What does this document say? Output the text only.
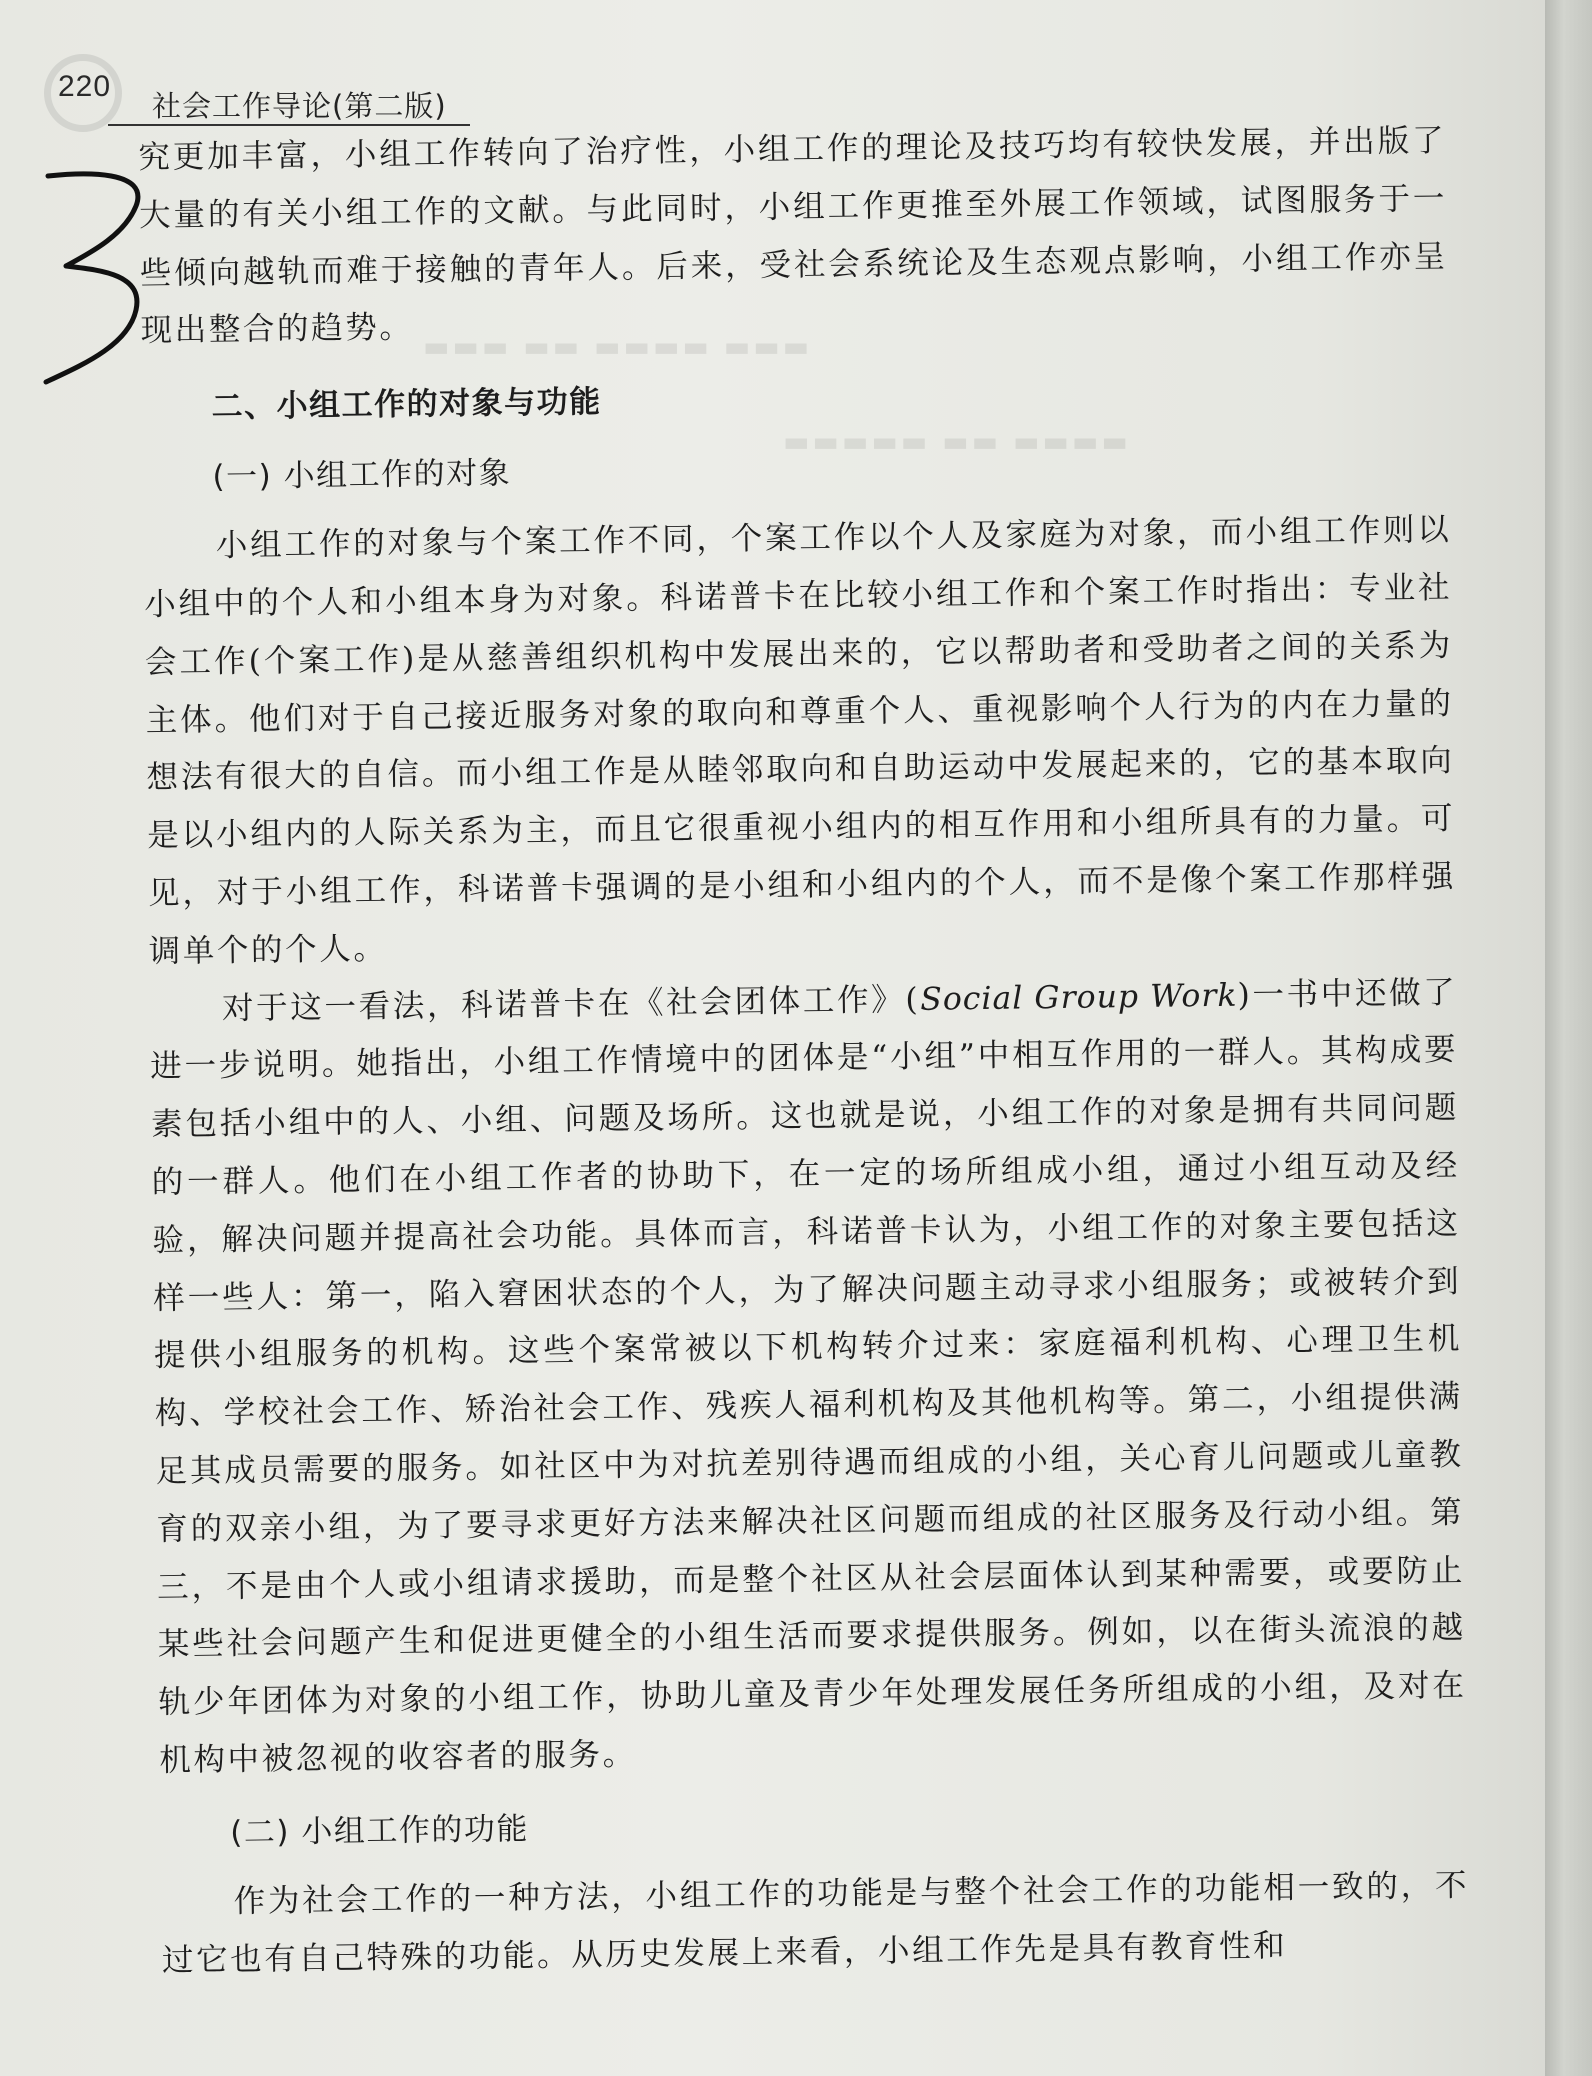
220
社会工作导论(第二版)
▬▬▬ ▬▬▬▬ ▬▬ ▬▬▬
▬▬▬▬ ▬▬ ▬▬▬▬▬

究更加丰富，小组工作转向了治疗性，小组工作的理论及技巧均有较快发展，并出版了大量的有关小组工作的文献。与此同时，小组工作更推至外展工作领域，试图服务于一些倾向越轨而难于接触的青年人。后来，受社会系统论及生态观点影响，小组工作亦呈现出整合的趋势。

二、小组工作的对象与功能

(一) 小组工作的对象

小组工作的对象与个案工作不同，个案工作以个人及家庭为对象，而小组工作则以小组中的个人和小组本身为对象。科诺普卡在比较小组工作和个案工作时指出：专业社会工作(个案工作)是从慈善组织机构中发展出来的，它以帮助者和受助者之间的关系为主体。他们对于自己接近服务对象的取向和尊重个人、重视影响个人行为的内在力量的想法有很大的自信。而小组工作是从睦邻取向和自助运动中发展起来的，它的基本取向是以小组内的人际关系为主，而且它很重视小组内的相互作用和小组所具有的力量。可见，对于小组工作，科诺普卡强调的是小组和小组内的个人，而不是像个案工作那样强调单个的个人。

对于这一看法，科诺普卡在《社会团体工作》(Social Group Work)一书中还做了进一步说明。她指出，小组工作情境中的团体是“小组”中相互作用的一群人。其构成要素包括小组中的人、小组、问题及场所。这也就是说，小组工作的对象是拥有共同问题的一群人。他们在小组工作者的协助下，在一定的场所组成小组，通过小组互动及经验，解决问题并提高社会功能。具体而言，科诺普卡认为，小组工作的对象主要包括这样一些人：第一，陷入窘困状态的个人，为了解决问题主动寻求小组服务；或被转介到提供小组服务的机构。这些个案常被以下机构转介过来：家庭福利机构、心理卫生机构、学校社会工作、矫治社会工作、残疾人福利机构及其他机构等。第二，小组提供满足其成员需要的服务。如社区中为对抗差别待遇而组成的小组，关心育儿问题或儿童教育的双亲小组，为了要寻求更好方法来解决社区问题而组成的社区服务及行动小组。第三，不是由个人或小组请求援助，而是整个社区从社会层面体认到某种需要，或要防止某些社会问题产生和促进更健全的小组生活而要求提供服务。例如，以在街头流浪的越轨少年团体为对象的小组工作，协助儿童及青少年处理发展任务所组成的小组，及对在机构中被忽视的收容者的服务。

(二) 小组工作的功能

作为社会工作的一种方法，小组工作的功能是与整个社会工作的功能相一致的，不过它也有自己特殊的功能。从历史发展上来看，小组工作先是具有教育性和
